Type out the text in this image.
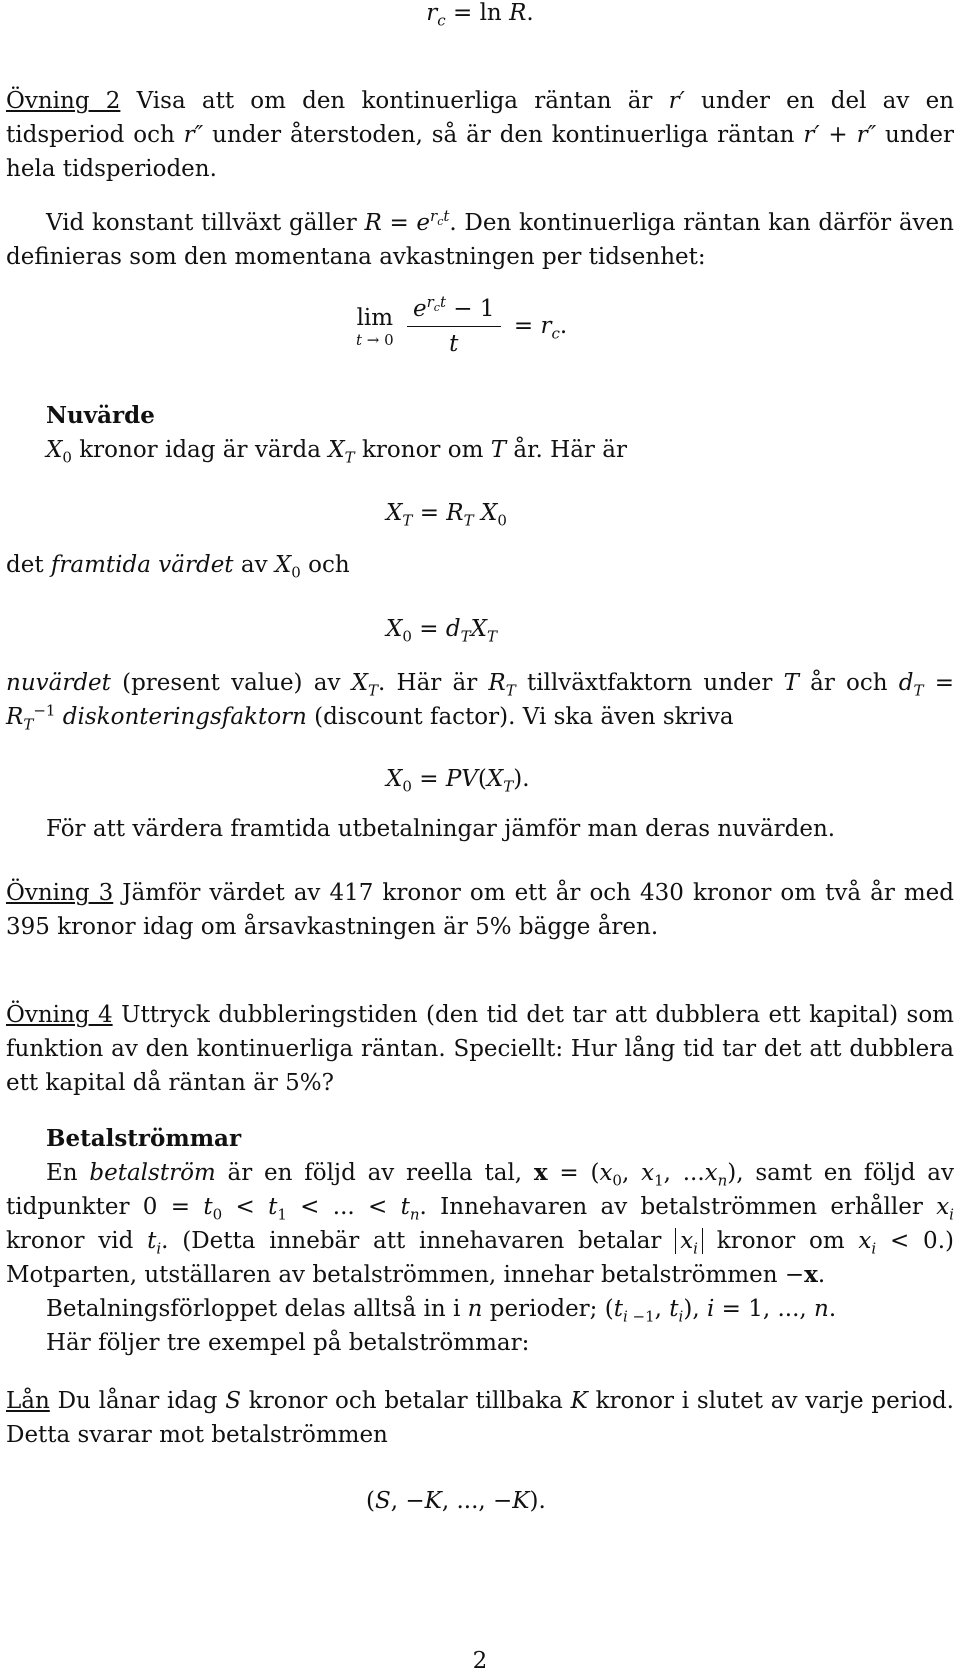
$r_c = \ln R$.

Övning 2 Visa att om den kontinuerliga räntan är r′ under en del av en tidsperiod och r″ under återstoden, så är den kontinuerliga räntan r′ + r″ under hela tidsperioden.

Vid konstant tillväxt gäller $R = e^{r_ct}$. Den kontinuerliga räntan kan därför även definieras som den momentana avkastningen per tidsenhet:

lim
t → 0
$\frac{e^{r_ct} - 1}{t} = r_c$.

Nuvärde

$X_0$ kronor idag är värda $X_T$ kronor om T år. Här är

$X_T = R_T$ $X_0$

det framtida värdet av $X_0$ och

$X_0 = d_TX_T$

nuvärdet (present value) av $X_T$. Här är $R_T$ tillväxtfaktorn under T år och $d_T = R_T^{-1}$ diskonteringsfaktorn (discount factor). Vi ska även skriva

$X_0 = PV(X_T)$.

För att värdera framtida utbetalningar jämför man deras nuvärden.

Övning 3 Jämför värdet av 417 kronor om ett år och 430 kronor om två år med 395 kronor idag om årsavkastningen är 5% bägge åren.

Övning 4 Uttryck dubbleringstiden (den tid det tar att dubblera ett kapital) som funktion av den kontinuerliga räntan. Speciellt: Hur lång tid tar det att dubblera ett kapital då räntan är 5%?

Betalströmmar

En betalström är en följd av reella tal, $x = (x_0$, $x_1$, $...x_n$), samt en följd av tidpunkter $0 = t_0 < t_1$ < ... < $t_n$. Innehavaren av betalströmmen erhåller $x_i$ kronor vid $t_i$. (Detta innebär att innehavaren betalar $x_i$ kronor om $x_i < 0$.) Motparten, utställaren av betalströmmen, innehar betalströmmen −x.

Betalningsförloppet delas alltså in i n perioder; ($t_{i -1}$, $t_i$), i = 1, ..., n.

Här följer tre exempel på betalströmmar:

Lån Du lånar idag S kronor och betalar tillbaka K kronor i slutet av varje period. Detta svarar mot betalströmmen

(S, −K, ..., −K).

2
